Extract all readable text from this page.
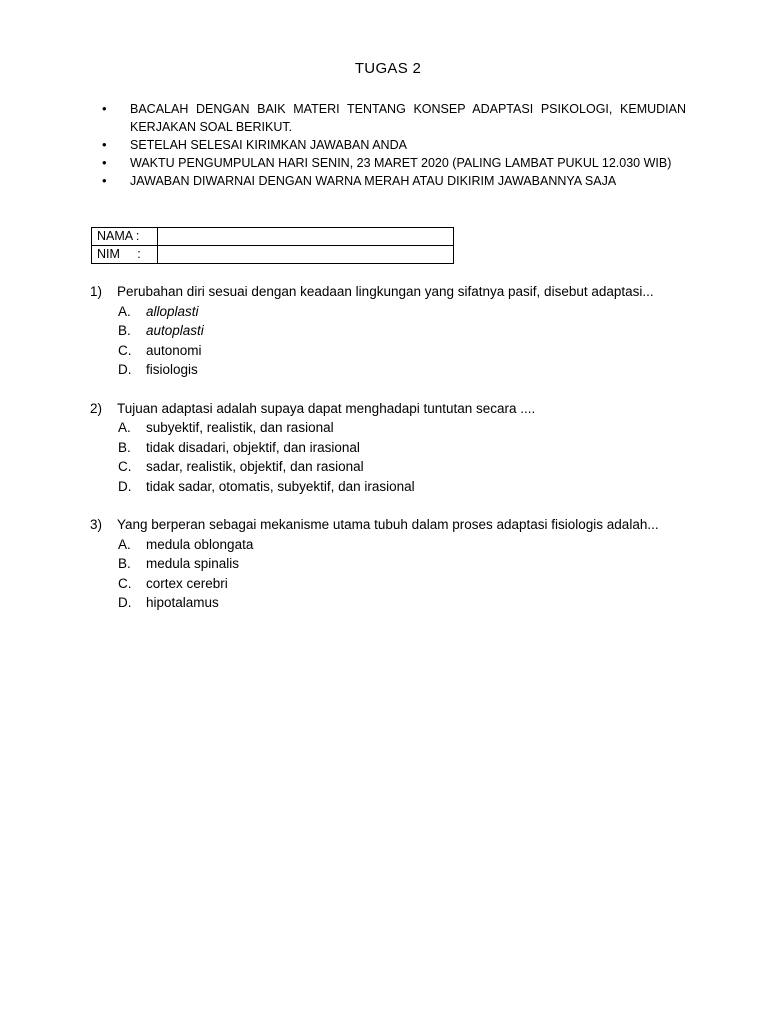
TUGAS 2
• BACALAH DENGAN BAIK MATERI TENTANG KONSEP ADAPTASI PSIKOLOGI, KEMUDIAN KERJAKAN SOAL BERIKUT.
• SETELAH SELESAI KIRIMKAN JAWABAN ANDA
• WAKTU PENGUMPULAN HARI SENIN, 23 MARET 2020 (PALING LAMBAT PUKUL 12.030 WIB)
• JAWABAN DIWARNAI DENGAN WARNA MERAH ATAU DIKIRIM JAWABANNYA SAJA
NAMA :	
NIM     :	
1) Perubahan diri sesuai dengan keadaan lingkungan yang sifatnya pasif, disebut adaptasi...
A. alloplasti
B. autoplasti
C. autonomi
D. fisiologis
2) Tujuan adaptasi adalah supaya dapat menghadapi tuntutan secara ....
A. subyektif, realistik, dan rasional
B. tidak disadari, objektif, dan irasional
C. sadar, realistik, objektif, dan rasional
D. tidak sadar, otomatis, subyektif, dan irasional
3) Yang berperan sebagai mekanisme utama tubuh dalam proses adaptasi fisiologis adalah...
A. medula oblongata
B. medula spinalis
C. cortex cerebri
D. hipotalamus
